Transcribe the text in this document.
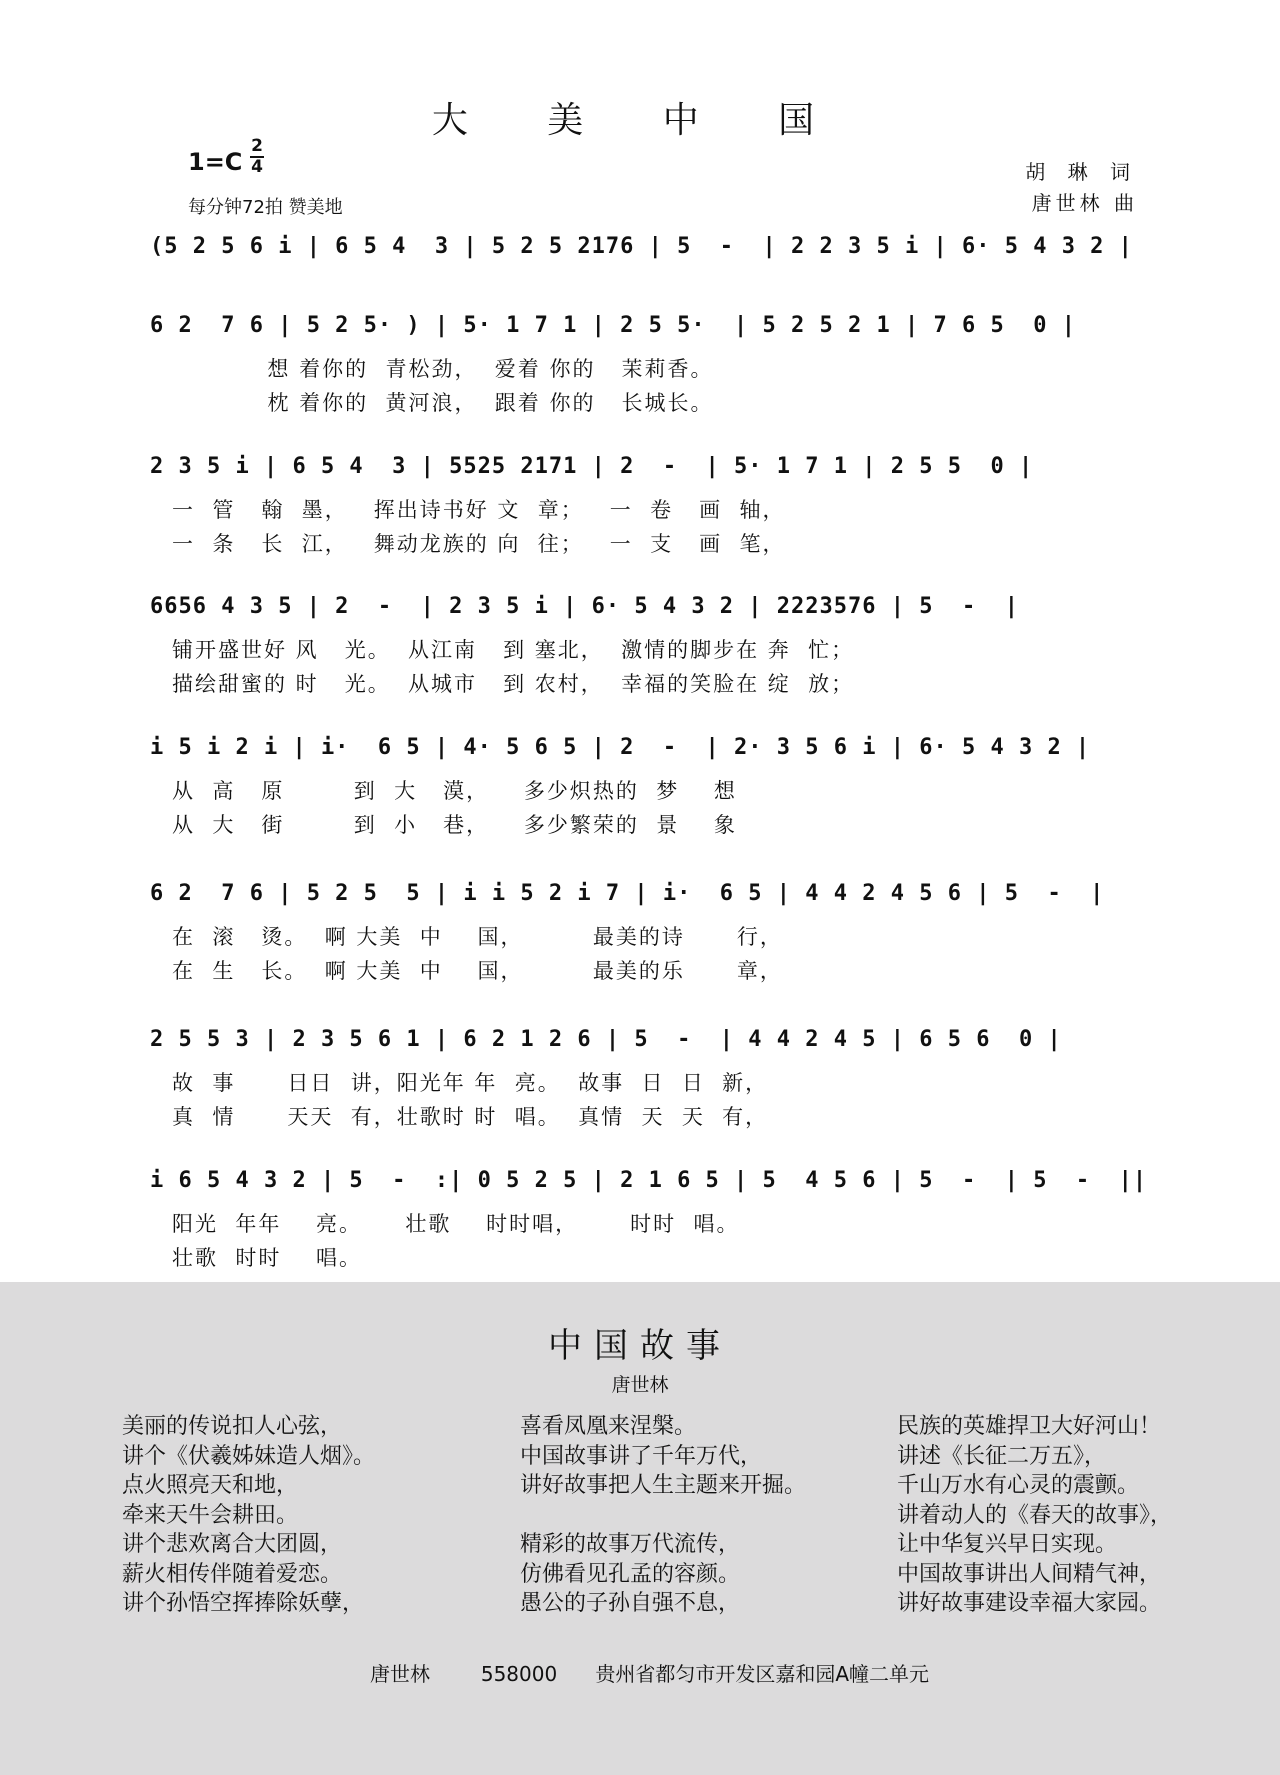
大 美 中 国
1=C
2
4
每分钟72拍 赞美地
胡 琳 词
唐世林 曲
(5 2 5 6 i | 6 5 4  3 | 5 2 5 2176 | 5  -  | 2 2 3 5 i | 6· 5 4 3 2 |
6 2  7 6 | 5 2 5· ) | 5· 1 7 1 | 2 5 5·  | 5 2 5 2 1 | 7 6 5  0 |
想 着你的  青松劲，  爱着 你的   茉莉香。
枕 着你的  黄河浪，  跟着 你的   长城长。
2 3 5 i | 6 5 4  3 | 5525 2171 | 2  -  | 5· 1 7 1 | 2 5 5  0 |
一  管   翰  墨，   挥出诗书好 文  章；   一  卷   画  轴，
一  条   长  江，   舞动龙族的 向  往；   一  支   画  笔，
6656 4 3 5 | 2  -  | 2 3 5 i | 6· 5 4 3 2 | 2223576 | 5  -  |
铺开盛世好 风   光。  从江南   到 塞北，  激情的脚步在 奔  忙；
描绘甜蜜的 时   光。  从城市   到 农村，  幸福的笑脸在 绽  放；
i 5 i 2 i | i·  6 5 | 4· 5 6 5 | 2  -  | 2· 3 5 6 i | 6· 5 4 3 2 |
从  高   原        到  大   漠，    多少炽热的  梦    想
从  大   街        到  小   巷，    多少繁荣的  景    象
6 2  7 6 | 5 2 5  5 | i i 5 2 i 7 | i·  6 5 | 4 4 2 4 5 6 | 5  -  |
在  滚   烫。  啊 大美  中    国，        最美的诗      行，
在  生   长。  啊 大美  中    国，        最美的乐      章，
2 5 5 3 | 2 3 5 6 1 | 6 2 1 2 6 | 5  -  | 4 4 2 4 5 | 6 5 6  0 |
故  事      日日  讲，阳光年 年  亮。  故事  日  日  新，
真  情      天天  有，壮歌时 时  唱。  真情  天  天  有，
i 6 5 4 3 2 | 5  -  :| 0 5 2 5 | 2 1 6 5 | 5  4 5 6 | 5  -  | 5  -  ||
阳光  年年    亮。     壮歌    时时唱，      时时  唱。
壮歌  时时    唱。
中国故事
唐世林
美丽的传说扣人心弦，
讲个《伏羲姊妹造人烟》。
点火照亮天和地，
牵来天牛会耕田。
讲个悲欢离合大团圆，
薪火相传伴随着爱恋。
讲个孙悟空挥捧除妖孽，
喜看凤凰来涅槃。
中国故事讲了千年万代，
讲好故事把人生主题来开掘。
精彩的故事万代流传，
仿佛看见孔孟的容颜。
愚公的子孙自强不息，
民族的英雄捍卫大好河山！
讲述《长征二万五》，
千山万水有心灵的震颤。
讲着动人的《春天的故事》，
让中华复兴早日实现。
中国故事讲出人间精气神，
讲好故事建设幸福大家园。
唐世林	558000 贵州省都匀市开发区嘉和园A幢二单元
